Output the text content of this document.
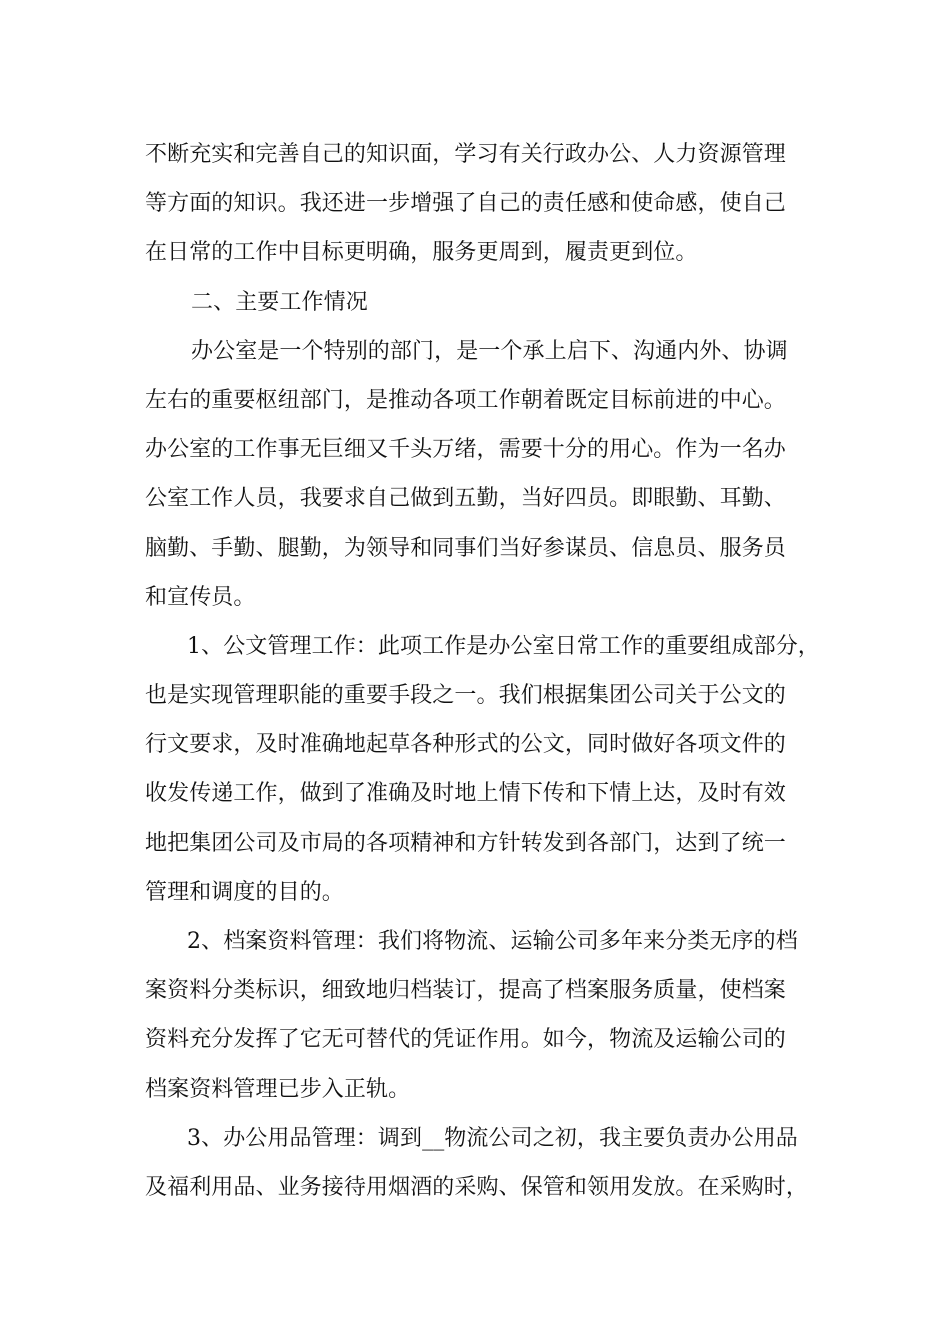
不断充实和完善自己的知识面，学习有关行政办公、人力资源管理
等方面的知识。我还进一步增强了自己的责任感和使命感，使自己
在日常的工作中目标更明确，服务更周到，履责更到位。
二、主要工作情况
办公室是一个特别的部门，是一个承上启下、沟通内外、协调
左右的重要枢纽部门，是推动各项工作朝着既定目标前进的中心。
办公室的工作事无巨细又千头万绪，需要十分的用心。作为一名办
公室工作人员，我要求自己做到五勤，当好四员。即眼勤、耳勤、
脑勤、手勤、腿勤，为领导和同事们当好参谋员、信息员、服务员
和宣传员。
1、公文管理工作：此项工作是办公室日常工作的重要组成部分，
也是实现管理职能的重要手段之一。我们根据集团公司关于公文的
行文要求，及时准确地起草各种形式的公文，同时做好各项文件的
收发传递工作，做到了准确及时地上情下传和下情上达，及时有效
地把集团公司及市局的各项精神和方针转发到各部门，达到了统一
管理和调度的目的。
2、档案资料管理：我们将物流、运输公司多年来分类无序的档
案资料分类标识，细致地归档装订，提高了档案服务质量，使档案
资料充分发挥了它无可替代的凭证作用。如今，物流及运输公司的
档案资料管理已步入正轨。
3、办公用品管理：调到__物流公司之初，我主要负责办公用品
及福利用品、业务接待用烟酒的采购、保管和领用发放。在采购时，
